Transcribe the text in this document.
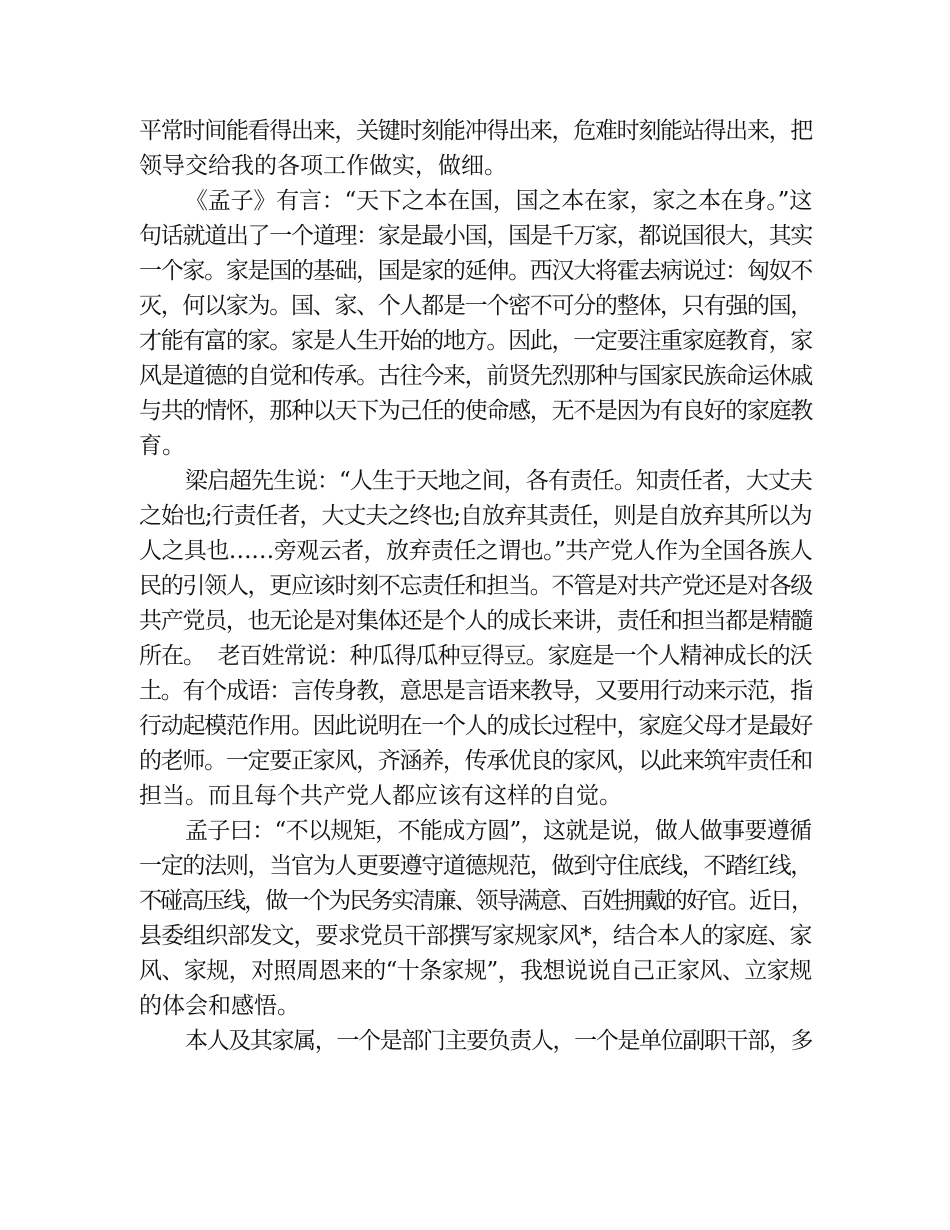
平常时间能看得出来，关键时刻能冲得出来，危难时刻能站得出来，把

领导交给我的各项工作做实，做细。

《孟子》有言：“天下之本在国，国之本在家，家之本在身。”这

句话就道出了一个道理：家是最小国，国是千万家，都说国很大，其实

一个家。家是国的基础，国是家的延伸。西汉大将霍去病说过：匈奴不

灭，何以家为。国、家、个人都是一个密不可分的整体，只有强的国，

才能有富的家。家是人生开始的地方。因此，一定要注重家庭教育，家

风是道德的自觉和传承。古往今来，前贤先烈那种与国家民族命运休戚

与共的情怀，那种以天下为己任的使命感，无不是因为有良好的家庭教

育。

梁启超先生说：“人生于天地之间，各有责任。知责任者，大丈夫

之始也;行责任者，大丈夫之终也;自放弃其责任，则是自放弃其所以为

人之具也……旁观云者，放弃责任之谓也。”共产党人作为全国各族人

民的引领人，更应该时刻不忘责任和担当。不管是对共产党还是对各级

共产党员，也无论是对集体还是个人的成长来讲，责任和担当都是精髓

所在。  老百姓常说：种瓜得瓜种豆得豆。家庭是一个人精神成长的沃

土。有个成语：言传身教，意思是言语来教导，又要用行动来示范，指

行动起模范作用。因此说明在一个人的成长过程中，家庭父母才是最好

的老师。一定要正家风，齐涵养，传承优良的家风，以此来筑牢责任和

担当。而且每个共产党人都应该有这样的自觉。

孟子曰：“不以规矩，不能成方圆”，这就是说，做人做事要遵循

一定的法则，当官为人更要遵守道德规范，做到守住底线，不踏红线，

不碰高压线，做一个为民务实清廉、领导满意、百姓拥戴的好官。近日，

县委组织部发文，要求党员干部撰写家规家风*，结合本人的家庭、家

风、家规，对照周恩来的“十条家规”，我想说说自己正家风、立家规

的体会和感悟。

本人及其家属，一个是部门主要负责人，一个是单位副职干部，多
